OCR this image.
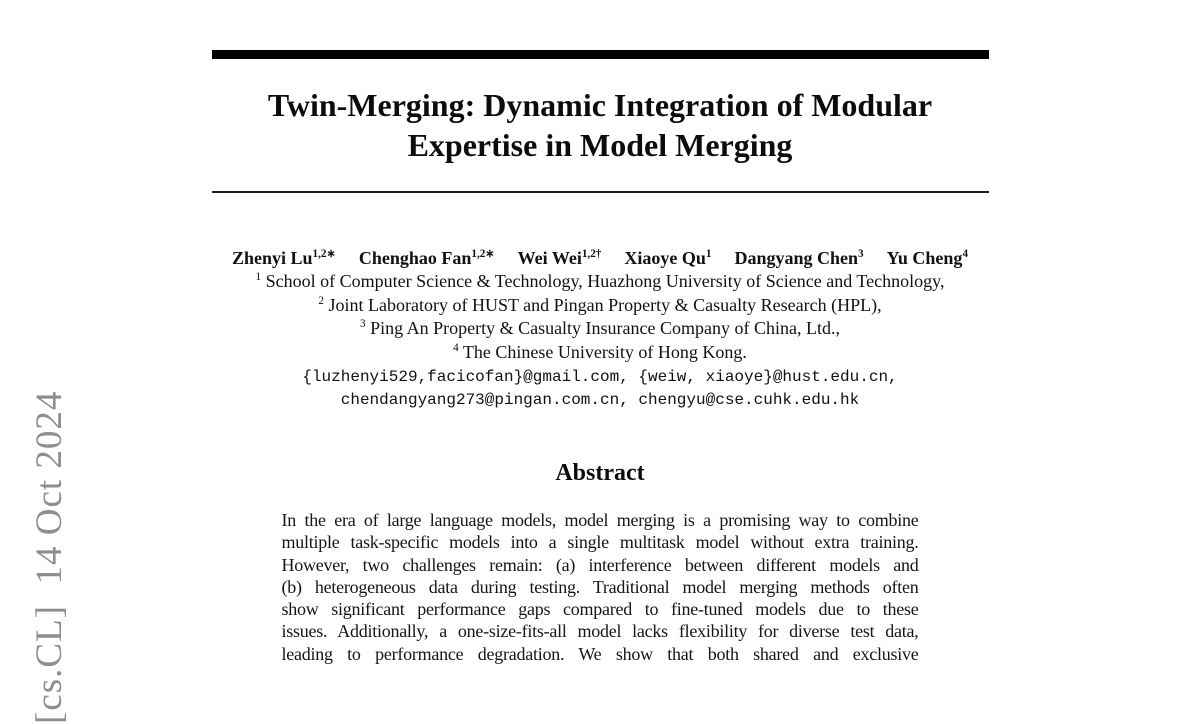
[cs.CL]  14 Oct 2024
Twin-Merging: Dynamic Integration of Modular
Expertise in Model Merging
Zhenyi $Lu^{1,2∗}$ Chenghao Fan$^{1,2∗}$ Wei Wei$^{1,2\dagger}$ Xiaoye Qu$^1$ Dangyang Chen$^3$ Yu Cheng$^4$
$^1$ School of Computer Science & Technology, Huazhong University of Science and Technology,
$^2$ Joint Laboratory of HUST and Pingan Property & Casualty Research (HPL),
$^3$ Ping An Property & Casualty Insurance Company of China, Ltd.,
$^4$ The Chinese University of Hong Kong.
{luzhenyi529,facicofan}@gmail.com, {weiw, xiaoye}@hust.edu.cn,
chendangyang273@pingan.com.cn, chengyu@cse.cuhk.edu.hk
Abstract
In the era of large language models, model merging is a promising way to combine
multiple task-specific models into a single multitask model without extra training.
However, two challenges remain: (a) interference between different models and
(b) heterogeneous data during testing. Traditional model merging methods often
show significant performance gaps compared to fine-tuned models due to these
issues. Additionally, a one-size-fits-all model lacks flexibility for diverse test data,
leading to performance degradation. We show that both shared and exclusive
